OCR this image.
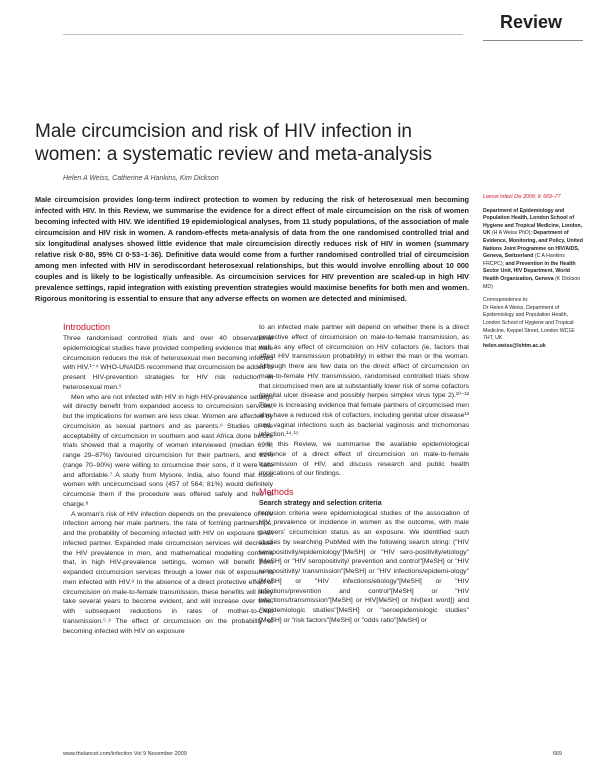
Review
Male circumcision and risk of HIV infection in women: a systematic review and meta-analysis
Helen A Weiss, Catherine A Hankins, Kim Dickson
Male circumcision provides long-term indirect protection to women by reducing the risk of heterosexual men becoming infected with HIV. In this Review, we summarise the evidence for a direct effect of male circumcision on the risk of women becoming infected with HIV. We identified 19 epidemiological analyses, from 11 study populations, of the association of male circumcision and HIV risk in women. A random-effects meta-analysis of data from the one randomised controlled trial and six longitudinal analyses showed little evidence that male circumcision directly reduces risk of HIV in women (summary relative risk 0·80, 95% CI 0·53–1·36). Definitive data would come from a further randomised controlled trial of circumcision among men infected with HIV in serodiscordant heterosexual relationships, but this would involve enrolling about 10 000 couples and is likely to be logistically unfeasible. As circumcision services for HIV prevention are scaled-up in high HIV prevalence settings, rapid integration with existing prevention strategies would maximise benefits for both men and women. Rigorous monitoring is essential to ensure that any adverse effects on women are detected and minimised.
Lancet Infect Dis 2009; 9: 669–77
Department of Epidemiology and Population Health, London School of Hygiene and Tropical Medicine, London, UK (H A Weiss PhD); Department of Evidence, Monitoring, and Policy, United Nations Joint Programme on HIV/AIDS, Geneva, Switzerland (C A Hankins FRCPC); and Prevention in the Health Sector Unit, HIV Department, World Health Organization, Geneva (K Dickson MD)
Correspondence to:
Dr Helen A Weiss, Department of Epidemiology and Population Health, London School of Hygiene and Tropical Medicine, Keppel Street, London WC1E 7HT, UK
helen.weiss@lshtm.ac.uk
Introduction

Three randomised controlled trials and over 40 observational epidemiological studies have provided compelling evidence that male circumcision reduces the risk of heterosexual men becoming infected with HIV.¹⁻⁴ WHO-UNAIDS recommend that circumcision be added to present HIV-prevention strategies for HIV risk reduction in heterosexual men.⁵

Men who are not infected with HIV in high HIV-prevalence settings will directly benefit from expanded access to circumcision services, but the implications for women are less clear. Women are affected by circumcision as sexual partners and as parents.⁶ Studies of the acceptability of circumcision in southern and east Africa done before trials showed that a majority of women interviewed (median 69%; range 29–87%) favoured circumcision for their partners, and 81% (range 70–90%) were willing to circumcise their sons, if it were safe and affordable.⁷ A study from Mysore, India, also found that most women with uncircumcised sons (457 of 564; 81%) would definitely circumcise them if the procedure was offered safely and free of charge.⁸

A woman's risk of HIV infection depends on the prevalence of HIV infection among her male partners, the rate of forming partnerships, and the probability of becoming infected with HIV on exposure to an infected partner. Expanded male circumcision services will decrease the HIV prevalence in men, and mathematical modelling confirms that, in high HIV-prevalence settings, women will benefit from expanded circumcision services through a lower risk of exposure to men infected with HIV.⁹ In the absence of a direct protective effect of circumcision on male-to-female transmission, these benefits will likely take several years to become evident, and will increase over time, with subsequent reductions in rates of mother-to-child transmission.⁵˒⁹ The effect of circumcision on the probability of becoming infected with HIV on exposure

to an infected male partner will depend on whether there is a direct protective effect of circumcision on male-to-female transmission, as well as any effect of circumcision on HIV cofactors (ie, factors that affect HIV transmission probability) in either the man or the woman. Although there are few data on the direct effect of circumcision on male-to-female HIV transmission, randomised controlled trials show that circumcised men are at substantially lower risk of some cofactors (genital ulcer disease and possibly herpes simplex virus type 2).¹⁰⁻¹² There is increasing evidence that female partners of circumcised men also have a reduced risk of cofactors, including genital ulcer disease¹³ and vaginal infections such as bacterial vaginosis and trichomonas infection.¹⁴˒¹⁵

In this Review, we summarise the available epidemiological evidence of a direct effect of circumcision on male-to-female transmission of HIV, and discuss research and public health implications of our findings.

Methods
Search strategy and selection criteria

Inclusion criteria were epidemiological studies of the association of HIV prevalence or incidence in women as the outcome, with male partners' circumcision status as an exposure. We identified such studies by searching PubMed with the following search string: ("HIV seropositivity/epidemiology"[MeSH] or "HIV sero-positivity/etiology"[MeSH] or "HIV seropositivity/ prevention and control"[MeSH] or "HIV seropositivity/ transmission"[MeSH] or "HIV infections/epidemi-ology"[MeSH] or "HIV infections/etiology"[MeSH] or "HIV infections/prevention and control"[MeSH] or "HIV infections/transmission"[MeSH] or HIV[MeSH] or hiv[text word]) and ("epidemiologic studies"[MeSH] or "seroepidemiologic studies"[MeSH] or "risk factors"[MeSH] or "odds ratio"[MeSH] or

www.thelancet.com/infection Vol 9 November 2009	669
